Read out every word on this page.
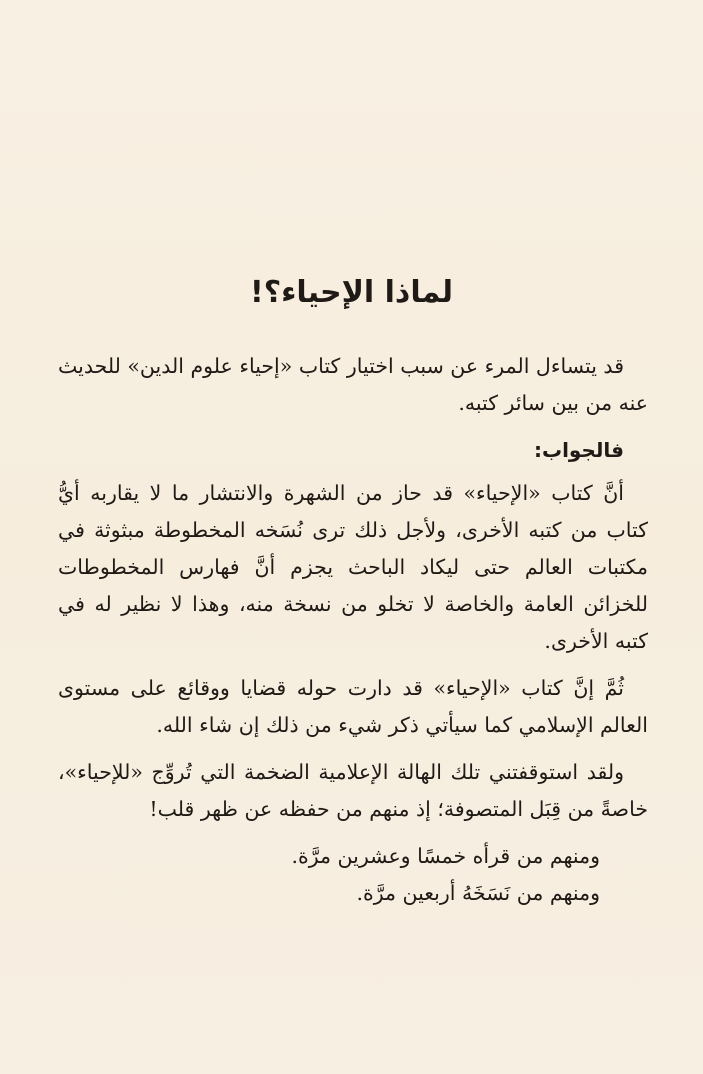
لماذا الإحياء؟!

قد يتساءل المرء عن سبب اختيار كتاب «إحياء علوم الدين» للحديث عنه من بين سائر كتبه.

فالجواب:

أنَّ كتاب «الإحياء» قد حاز من الشهرة والانتشار ما لا يقاربه أيُّ كتاب من كتبه الأخرى، ولأجل ذلك ترى نُسَخه المخطوطة مبثوثة في مكتبات العالم حتى ليكاد الباحث يجزم أنَّ فهارس المخطوطات للخزائن العامة والخاصة لا تخلو من نسخة منه، وهذا لا نظير له في كتبه الأخرى.

ثُمَّ إنَّ كتاب «الإحياء» قد دارت حوله قضايا ووقائع على مستوى العالم الإسلامي كما سيأتي ذكر شيء من ذلك إن شاء الله.

ولقد استوقفتني تلك الهالة الإعلامية الضخمة التي تُروِّج «للإحياء»، خاصةً من قِبَل المتصوفة؛ إذ منهم من حفظه عن ظهر قلب!

ومنهم من قرأه خمسًا وعشرين مرَّة.

ومنهم من نَسَخَهُ أربعين مرَّة.
